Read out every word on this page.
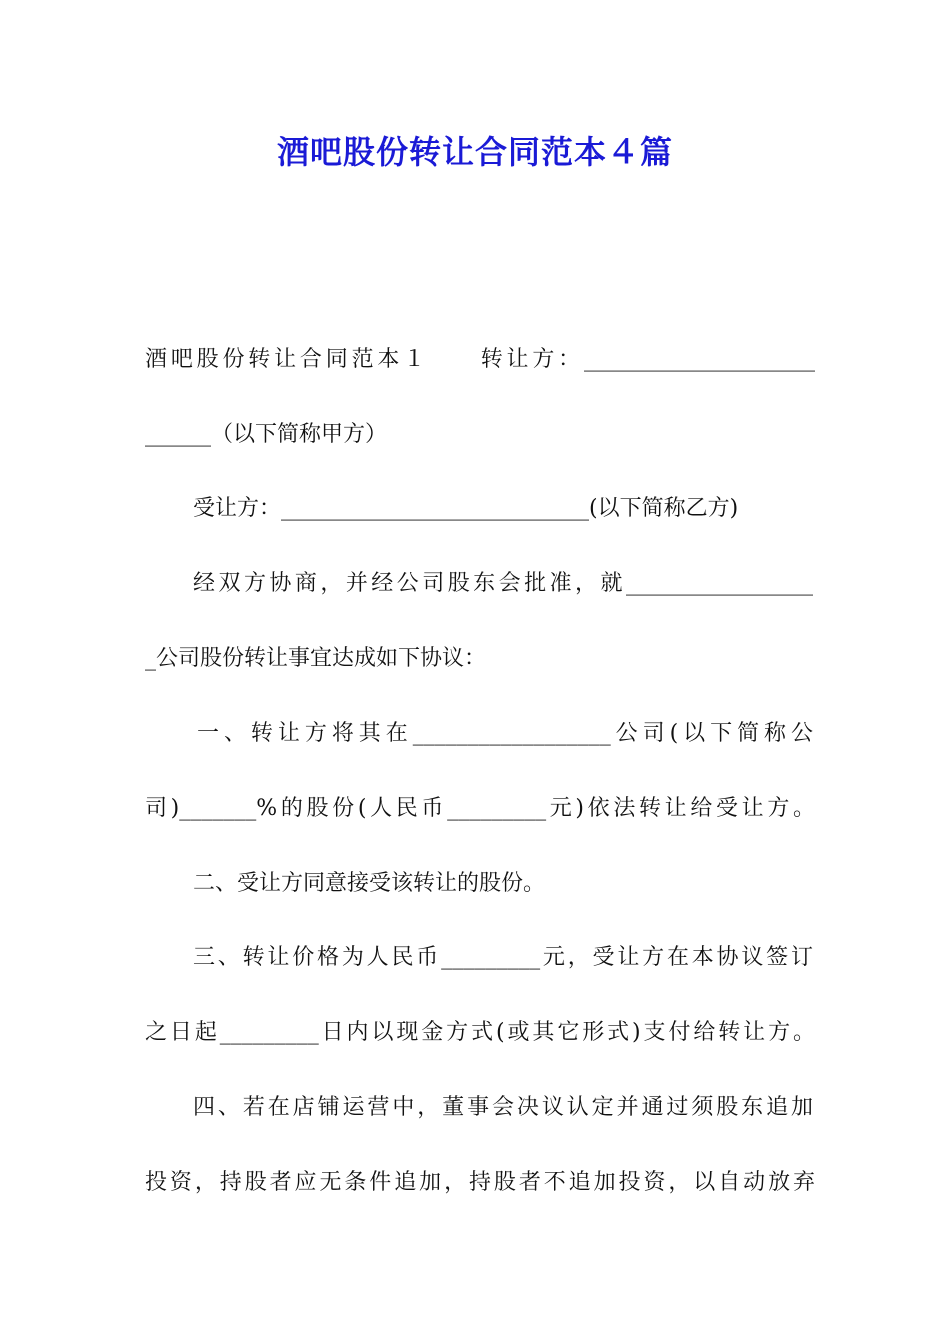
酒吧股份转让合同范本４篇
酒吧股份转让合同范本１　　转让方：_____________________
______（以下简称甲方）
受让方：____________________________(以下简称乙方)
经双方协商，并经公司股东会批准，就_________________
_公司股份转让事宜达成如下协议：
一、转让方将其在__________________公司(以下简称公
司)_______%的股份(人民币_________元)依法转让给受让方。
二、受让方同意接受该转让的股份。
三、转让价格为人民币_________元，受让方在本协议签订
之日起_________日内以现金方式(或其它形式)支付给转让方。
四、若在店铺运营中，董事会决议认定并通过须股东追加
投资，持股者应无条件追加，持股者不追加投资，以自动放弃
